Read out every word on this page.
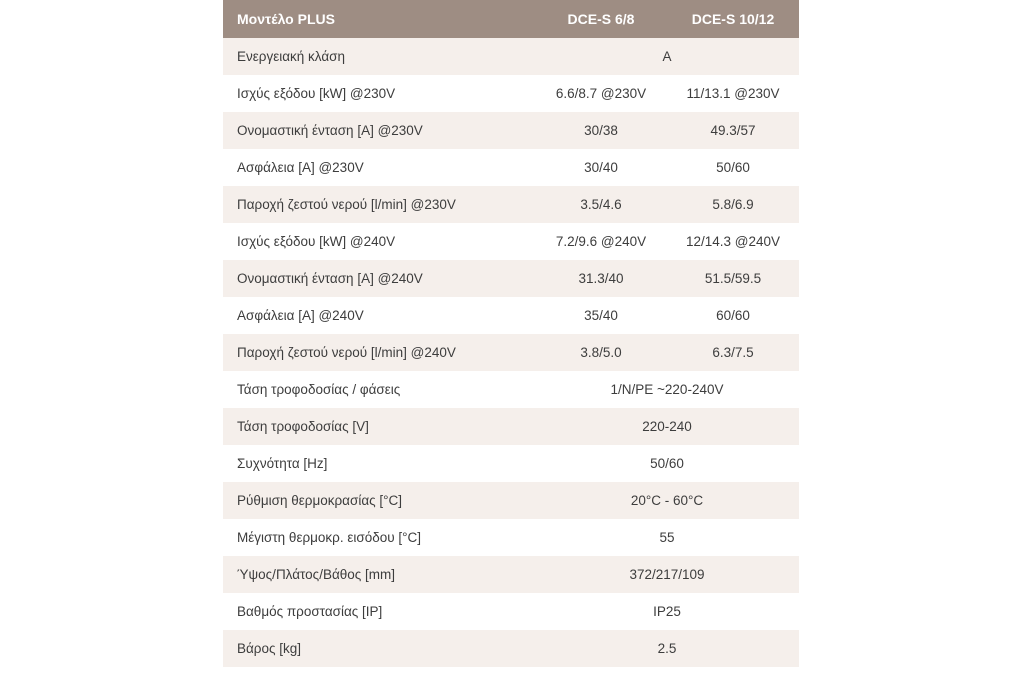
Μοντέλο PLUS	DCE-S 6/8	DCE-S 10/12
Ενεργειακή κλάση	A	
Ισχύς εξόδου [kW] @230V	6.6/8.7 @230V	11/13.1 @230V
Ονομαστική ένταση [A] @230V	30/38	49.3/57
Ασφάλεια [A] @230V	30/40	50/60
Παροχή ζεστού νερού [l/min] @230V	3.5/4.6	5.8/6.9
Ισχύς εξόδου [kW] @240V	7.2/9.6 @240V	12/14.3 @240V
Ονομαστική ένταση [A] @240V	31.3/40	51.5/59.5
Ασφάλεια [A] @240V	35/40	60/60
Παροχή ζεστού νερού [l/min] @240V	3.8/5.0	6.3/7.5
Τάση τροφοδοσίας / φάσεις	1/N/PE ~220-240V	
Τάση τροφοδοσίας [V]	220-240	
Συχνότητα [Hz]	50/60	
Ρύθμιση θερμοκρασίας [°C]	20°C - 60°C	
Μέγιστη θερμοκρ. εισόδου [°C]	55	
Ύψος/Πλάτος/Βάθος [mm]	372/217/109	
Βαθμός προστασίας [IP]	IP25	
Βάρος [kg]	2.5	
